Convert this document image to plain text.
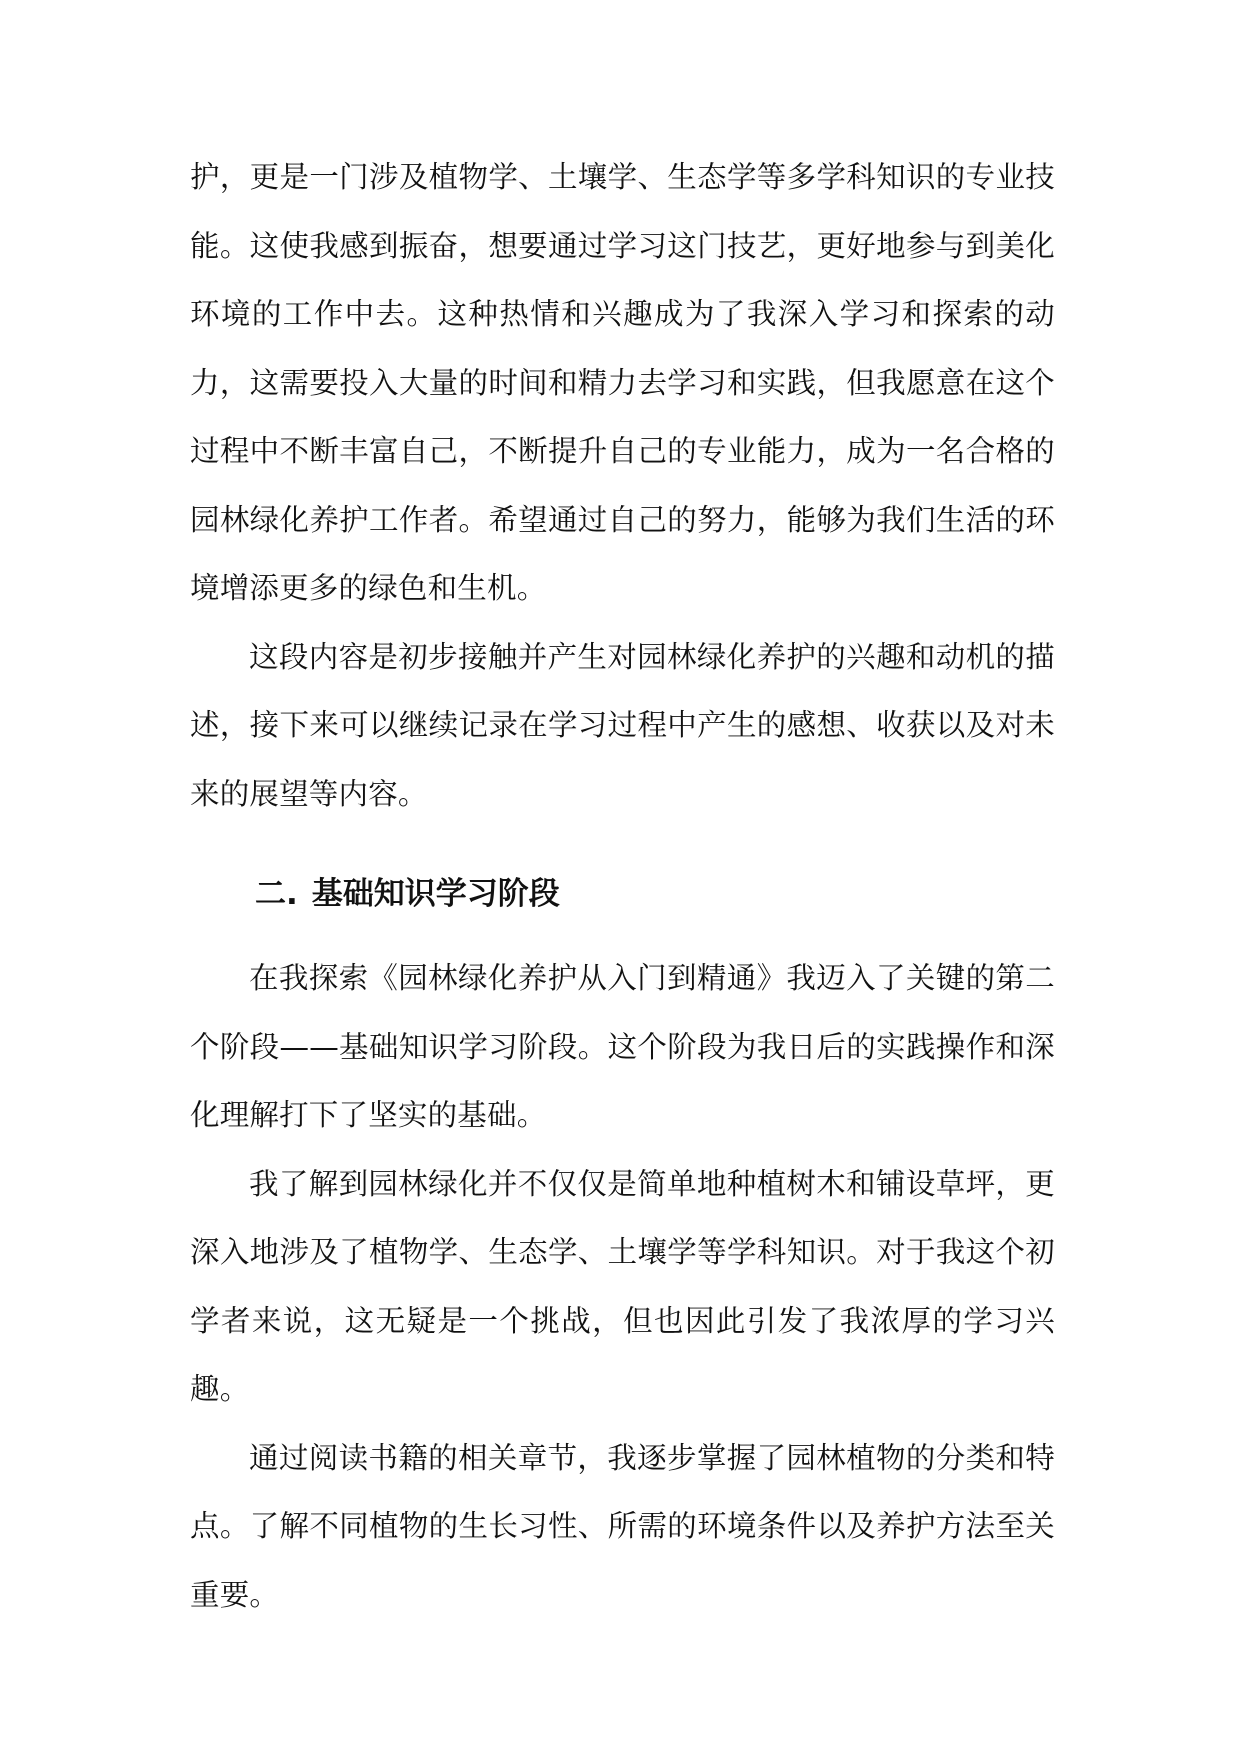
护，更是一门涉及植物学、土壤学、生态学等多学科知识的专业技能。这使我感到振奋，想要通过学习这门技艺，更好地参与到美化环境的工作中去。这种热情和兴趣成为了我深入学习和探索的动力，这需要投入大量的时间和精力去学习和实践，但我愿意在这个过程中不断丰富自己，不断提升自己的专业能力，成为一名合格的园林绿化养护工作者。希望通过自己的努力，能够为我们生活的环境增添更多的绿色和生机。

这段内容是初步接触并产生对园林绿化养护的兴趣和动机的描述，接下来可以继续记录在学习过程中产生的感想、收获以及对未来的展望等内容。

二. 基础知识学习阶段

在我探索《园林绿化养护从入门到精通》我迈入了关键的第二个阶段——基础知识学习阶段。这个阶段为我日后的实践操作和深化理解打下了坚实的基础。

我了解到园林绿化并不仅仅是简单地种植树木和铺设草坪，更深入地涉及了植物学、生态学、土壤学等学科知识。对于我这个初学者来说，这无疑是一个挑战，但也因此引发了我浓厚的学习兴趣。

通过阅读书籍的相关章节，我逐步掌握了园林植物的分类和特点。了解不同植物的生长习性、所需的环境条件以及养护方法至关重要。
